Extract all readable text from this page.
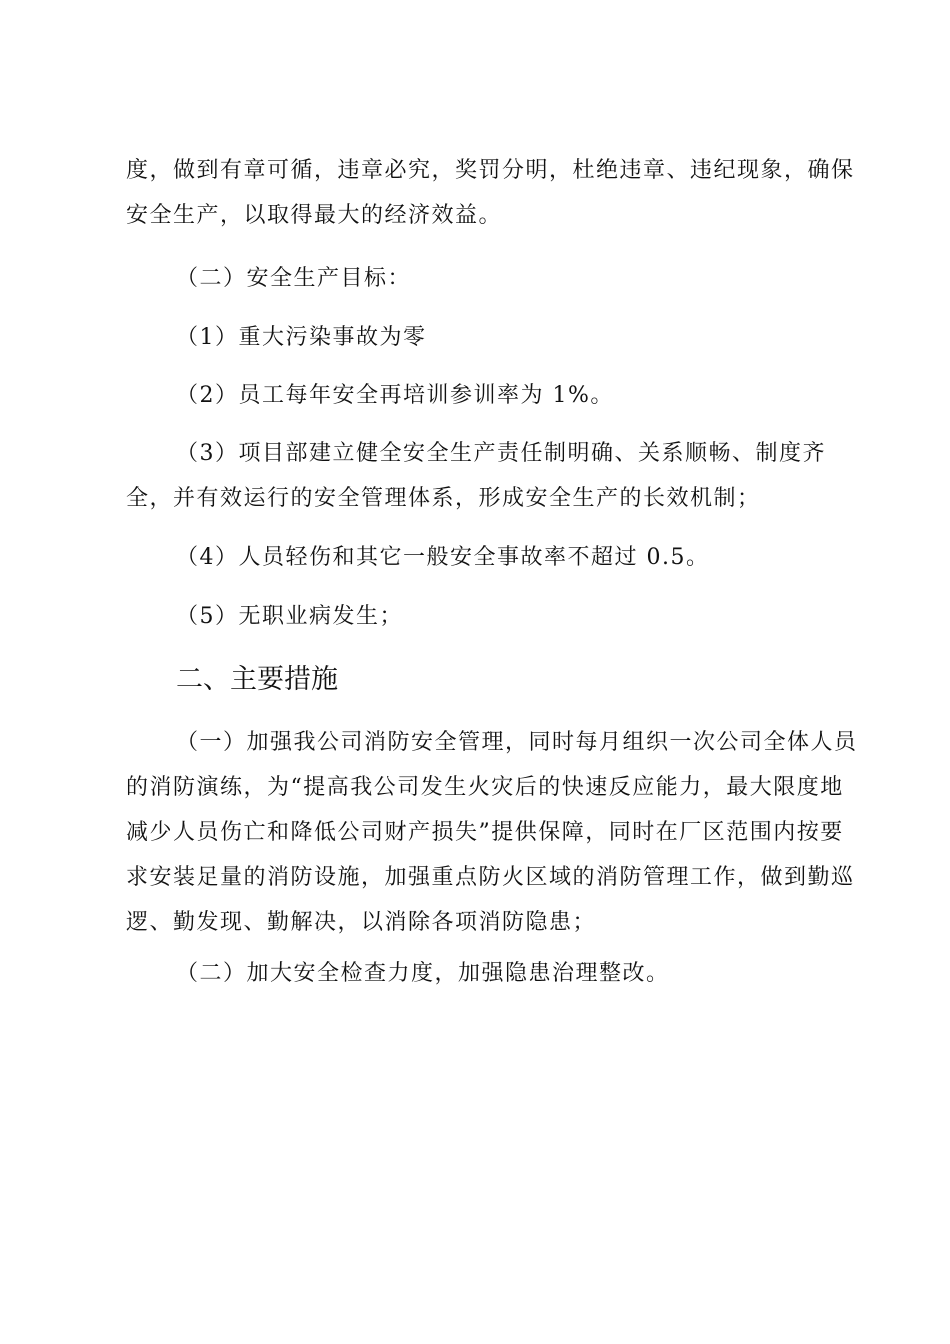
度，做到有章可循，违章必究，奖罚分明，杜绝违章、违纪现象，确保安全生产，以取得最大的经济效益。

（二）安全生产目标：

（1）重大污染事故为零

（2）员工每年安全再培训参训率为 1%。

（3）项目部建立健全安全生产责任制明确、关系顺畅、制度齐全，并有效运行的安全管理体系，形成安全生产的长效机制；

（4）人员轻伤和其它一般安全事故率不超过 0.5。

（5）无职业病发生；

二、主要措施

（一）加强我公司消防安全管理，同时每月组织一次公司全体人员的消防演练，为“提高我公司发生火灾后的快速反应能力，最大限度地减少人员伤亡和降低公司财产损失”提供保障，同时在厂区范围内按要求安装足量的消防设施，加强重点防火区域的消防管理工作，做到勤巡逻、勤发现、勤解决，以消除各项消防隐患；

（二）加大安全检查力度，加强隐患治理整改。
